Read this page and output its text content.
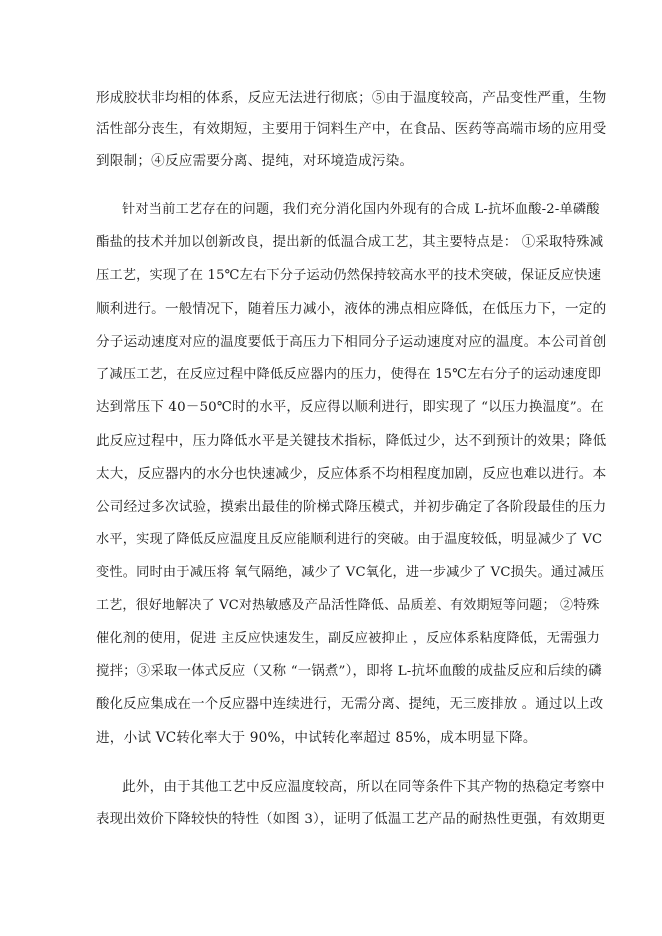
形成胶状非均相的体系，反应无法进行彻底；⑤由于温度较高，产品变性严重，生物
活性部分丧生，有效期短，主要用于饲料生产中，在食品、医药等高端市场的应用受
到限制；④反应需要分离、提纯，对环境造成污染。
针对当前工艺存在的问题，我们充分消化国内外现有的合成 L-抗坏血酸-2-单磷酸
酯盐的技术并加以创新改良，提出新的低温合成工艺，其主要特点是： ①采取特殊减
压工艺，实现了在 15℃左右下分子运动仍然保持较高水平的技术突破，保证反应快速
顺利进行。一般情况下，随着压力减小，液体的沸点相应降低，在低压力下，一定的
分子运动速度对应的温度要低于高压力下相同分子运动速度对应的温度。本公司首创
了减压工艺，在反应过程中降低反应器内的压力，使得在 15℃左右分子的运动速度即
达到常压下 40－50℃时的水平，反应得以顺利进行，即实现了 “以压力换温度”。在
此反应过程中，压力降低水平是关键技术指标，降低过少，达不到预计的效果；降低
太大，反应器内的水分也快速减少，反应体系不均相程度加剧，反应也难以进行。本
公司经过多次试验，摸索出最佳的阶梯式降压模式，并初步确定了各阶段最佳的压力
水平，实现了降低反应温度且反应能顺利进行的突破。由于温度较低，明显减少了 VC
变性。同时由于减压将 氧气隔绝，减少了 VC氧化，进一步减少了 VC损失。通过减压
工艺，很好地解决了 VC对热敏感及产品活性降低、品质差、有效期短等问题； ②特殊
催化剂的使用，促进 主反应快速发生，副反应被抑止 ，反应体系粘度降低，无需强力
搅拌；③采取一体式反应（又称 “一锅煮”），即将 L-抗坏血酸的成盐反应和后续的磷
酸化反应集成在一个反应器中连续进行，无需分离、提纯，无三废排放 。通过以上改
进，小试 VC转化率大于 90%，中试转化率超过 85%，成本明显下降。
此外，由于其他工艺中反应温度较高，所以在同等条件下其产物的热稳定考察中
表现出效价下降较快的特性（如图 3），证明了低温工艺产品的耐热性更强，有效期更
